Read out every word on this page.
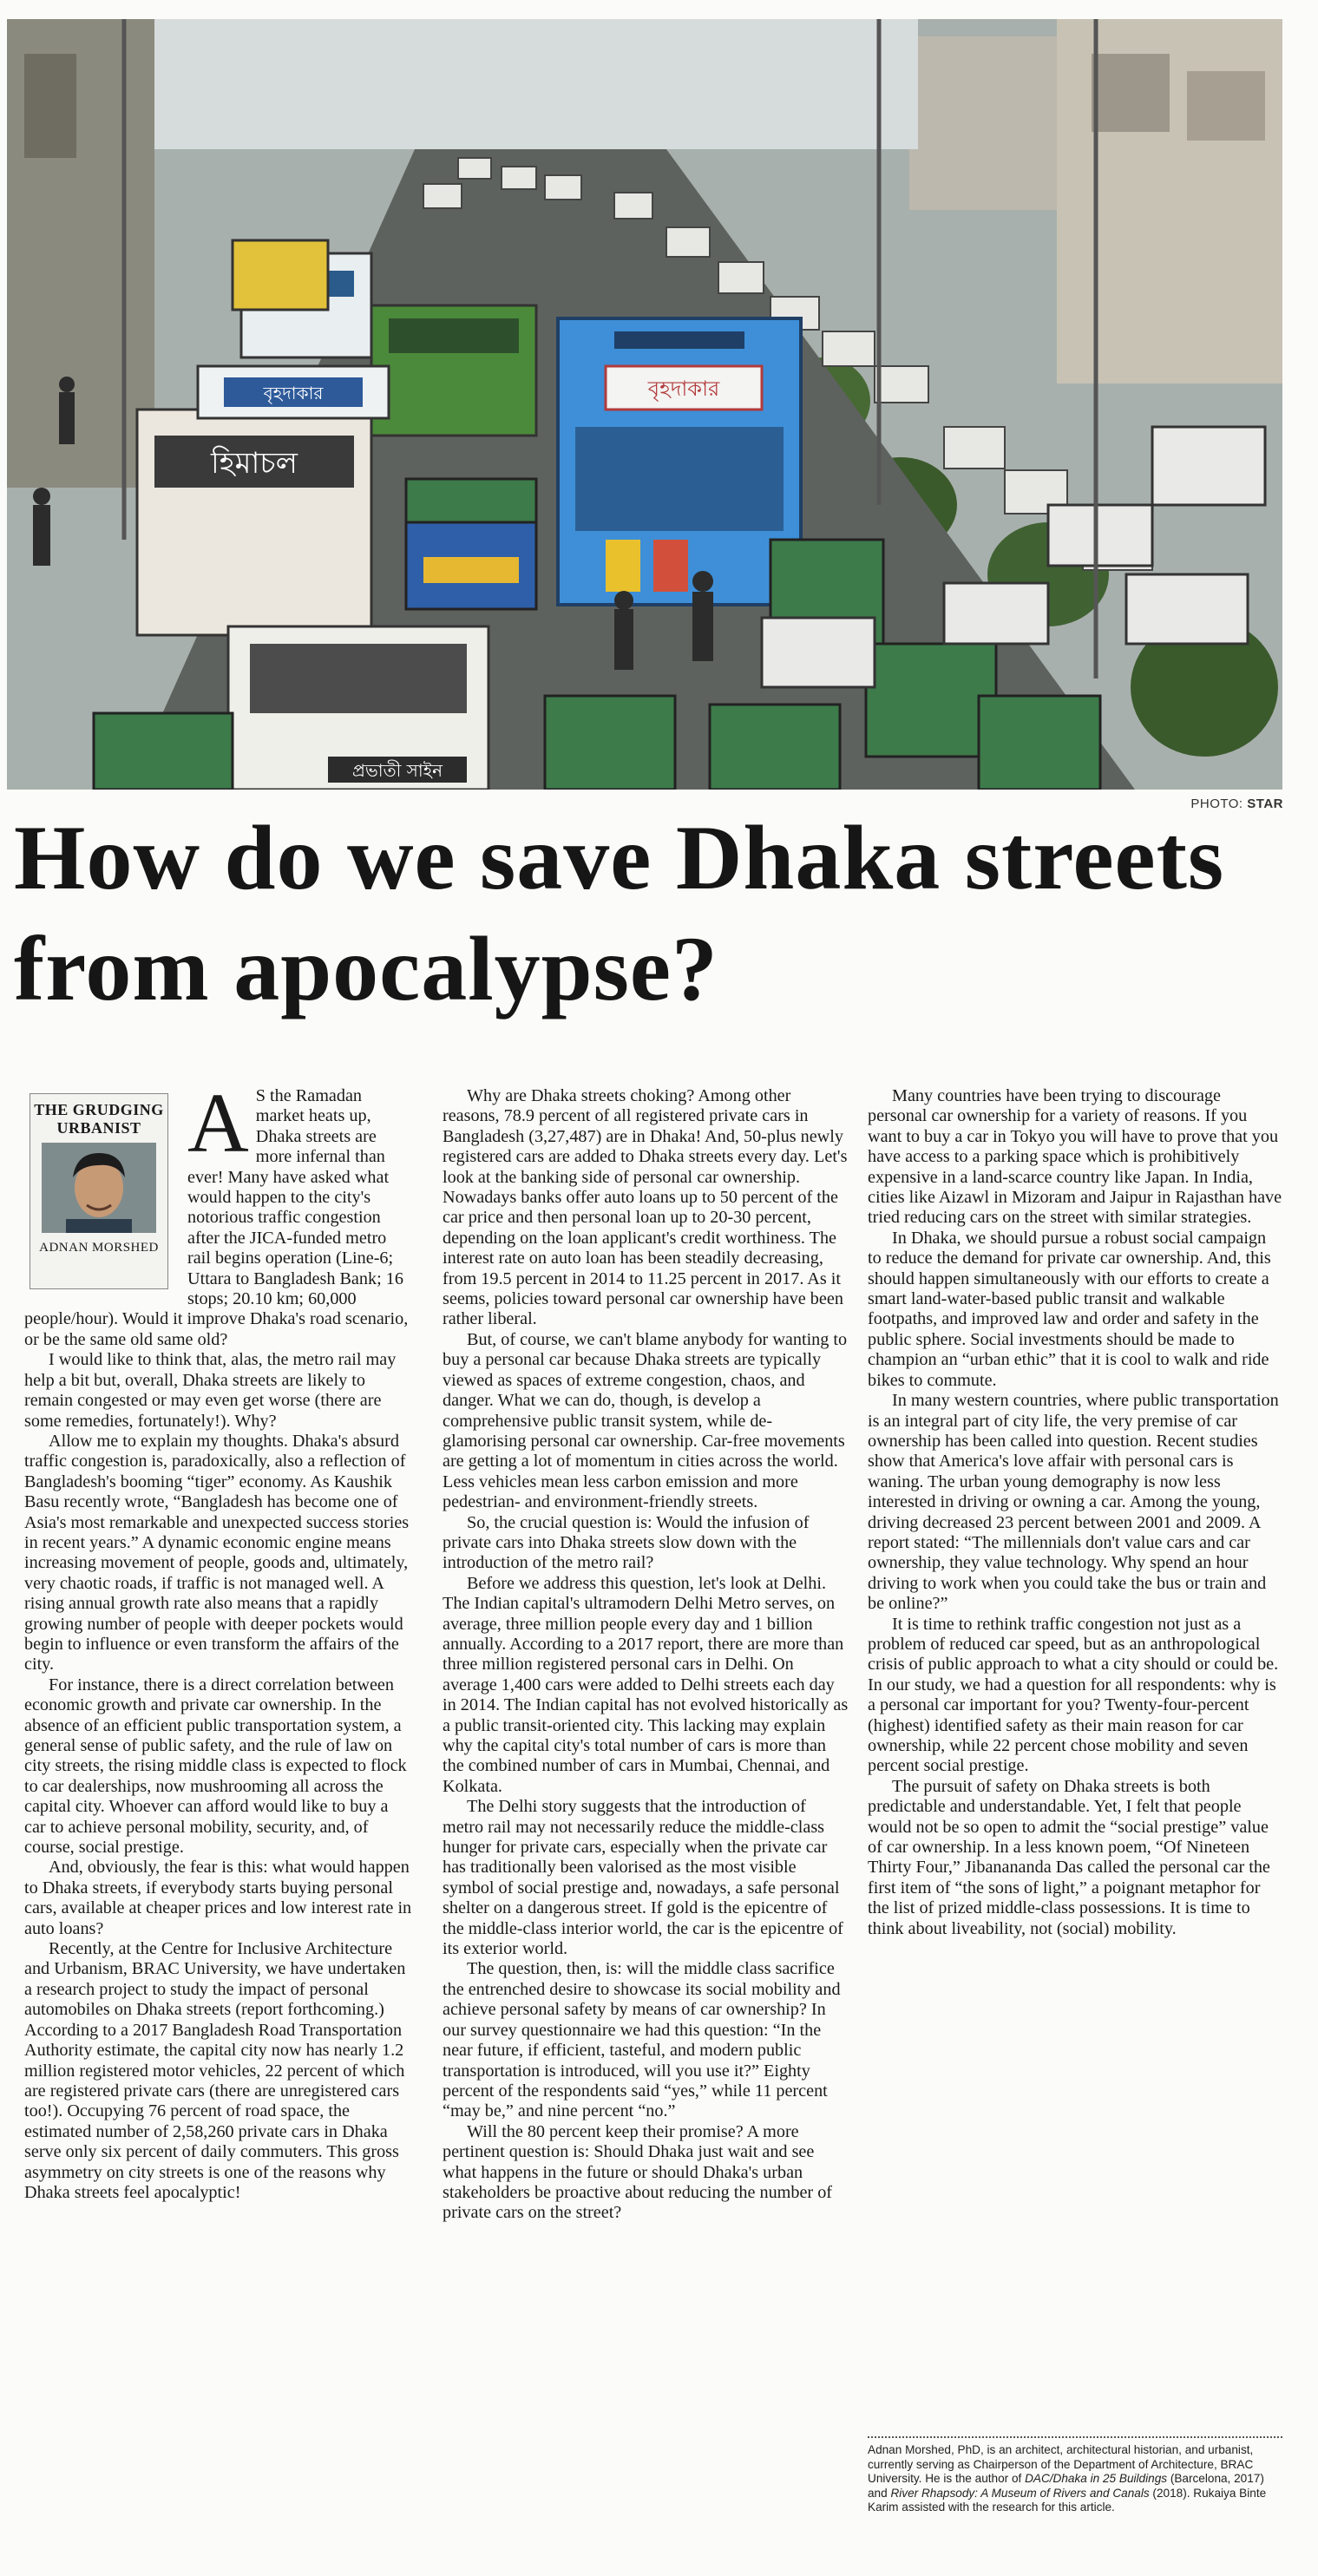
হিমাচল
প্রভাতী সাইন
বৃহদাকার
বৃহদাকার
PHOTO: STAR
How do we save Dhaka streets from apocalypse?
THE GRUDGING URBANIST
ADNAN MORSHED

A S the Ramadan market heats up, Dhaka streets are more infernal than ever! Many have asked what would happen to the city's notorious traffic congestion after the JICA-funded metro rail begins operation (Line-6; Uttara to Bangladesh Bank; 16 stops; 20.10 km; 60,000 people/hour). Would it improve Dhaka's road scenario, or be the same old same old?

I would like to think that, alas, the metro rail may help a bit but, overall, Dhaka streets are likely to remain congested or may even get worse (there are some remedies, fortunately!). Why?

Allow me to explain my thoughts. Dhaka's absurd traffic congestion is, paradoxically, also a reflection of Bangladesh's booming “tiger” economy. As Kaushik Basu recently wrote, “Bangladesh has become one of Asia's most remarkable and unexpected success stories in recent years.” A dynamic economic engine means increasing movement of people, goods and, ultimately, very chaotic roads, if traffic is not managed well. A rising annual growth rate also means that a rapidly growing number of people with deeper pockets would begin to influence or even transform the affairs of the city.

For instance, there is a direct correlation between economic growth and private car ownership. In the absence of an efficient public transportation system, a general sense of public safety, and the rule of law on city streets, the rising middle class is expected to flock to car dealerships, now mushrooming all across the capital city. Whoever can afford would like to buy a car to achieve personal mobility, security, and, of course, social prestige.

And, obviously, the fear is this: what would happen to Dhaka streets, if everybody starts buying personal cars, available at cheaper prices and low interest rate in auto loans?

Recently, at the Centre for Inclusive Architecture and Urbanism, BRAC University, we have undertaken a research project to study the impact of personal automobiles on Dhaka streets (report forthcoming.) According to a 2017 Bangladesh Road Transportation Authority estimate, the capital city now has nearly 1.2 million registered motor vehicles, 22 percent of which are registered private cars (there are unregistered cars too!). Occupying 76 percent of road space, the estimated number of 2,58,260 private cars in Dhaka serve only six percent of daily commuters. This gross asymmetry on city streets is one of the reasons why Dhaka streets feel apocalyptic!

Why are Dhaka streets choking? Among other reasons, 78.9 percent of all registered private cars in Bangladesh (3,27,487) are in Dhaka! And, 50-plus newly registered cars are added to Dhaka streets every day. Let's look at the banking side of personal car ownership. Nowadays banks offer auto loans up to 50 percent of the car price and then personal loan up to 20-30 percent, depending on the loan applicant's credit worthiness. The interest rate on auto loan has been steadily decreasing, from 19.5 percent in 2014 to 11.25 percent in 2017. As it seems, policies toward personal car ownership have been rather liberal.

But, of course, we can't blame anybody for wanting to buy a personal car because Dhaka streets are typically viewed as spaces of extreme congestion, chaos, and danger. What we can do, though, is develop a comprehensive public transit system, while de-glamorising personal car ownership. Car-free movements are getting a lot of momentum in cities across the world. Less vehicles mean less carbon emission and more pedestrian- and environment-friendly streets.

So, the crucial question is: Would the infusion of private cars into Dhaka streets slow down with the introduction of the metro rail?

Before we address this question, let's look at Delhi. The Indian capital's ultramodern Delhi Metro serves, on average, three million people every day and 1 billion annually. According to a 2017 report, there are more than three million registered personal cars in Delhi. On average 1,400 cars were added to Delhi streets each day in 2014. The Indian capital has not evolved historically as a public transit-oriented city. This lacking may explain why the capital city's total number of cars is more than the combined number of cars in Mumbai, Chennai, and Kolkata.

The Delhi story suggests that the introduction of metro rail may not necessarily reduce the middle-class hunger for private cars, especially when the private car has traditionally been valorised as the most visible symbol of social prestige and, nowadays, a safe personal shelter on a dangerous street. If gold is the epicentre of the middle-class interior world, the car is the epicentre of its exterior world.

The question, then, is: will the middle class sacrifice the entrenched desire to showcase its social mobility and achieve personal safety by means of car ownership? In our survey questionnaire we had this question: “In the near future, if efficient, tasteful, and modern public transportation is introduced, will you use it?” Eighty percent of the respondents said “yes,” while 11 percent “may be,” and nine percent “no.”

Will the 80 percent keep their promise? A more pertinent question is: Should Dhaka just wait and see what happens in the future or should Dhaka's urban stakeholders be proactive about reducing the number of private cars on the street?

Many countries have been trying to discourage personal car ownership for a variety of reasons. If you want to buy a car in Tokyo you will have to prove that you have access to a parking space which is prohibitively expensive in a land-scarce country like Japan. In India, cities like Aizawl in Mizoram and Jaipur in Rajasthan have tried reducing cars on the street with similar strategies.

In Dhaka, we should pursue a robust social campaign to reduce the demand for private car ownership. And, this should happen simultaneously with our efforts to create a smart land-water-based public transit and walkable footpaths, and improved law and order and safety in the public sphere. Social investments should be made to champion an “urban ethic” that it is cool to walk and ride bikes to commute.

In many western countries, where public transportation is an integral part of city life, the very premise of car ownership has been called into question. Recent studies show that America's love affair with personal cars is waning. The urban young demography is now less interested in driving or owning a car. Among the young, driving decreased 23 percent between 2001 and 2009. A report stated: “The millennials don't value cars and car ownership, they value technology. Why spend an hour driving to work when you could take the bus or train and be online?”

It is time to rethink traffic congestion not just as a problem of reduced car speed, but as an anthropological crisis of public approach to what a city should or could be. In our study, we had a question for all respondents: why is a personal car important for you? Twenty-four-percent (highest) identified safety as their main reason for car ownership, while 22 percent chose mobility and seven percent social prestige.

The pursuit of safety on Dhaka streets is both predictable and understandable. Yet, I felt that people would not be so open to admit the “social prestige” value of car ownership. In a less known poem, “Of Nineteen Thirty Four,” Jibanananda Das called the personal car the first item of “the sons of light,” a poignant metaphor for the list of prized middle-class possessions. It is time to think about liveability, not (social) mobility.

Adnan Morshed, PhD, is an architect, architectural historian, and urbanist, currently serving as Chairperson of the Department of Architecture, BRAC University. He is the author of DAC/Dhaka in 25 Buildings (Barcelona, 2017) and River Rhapsody: A Museum of Rivers and Canals (2018). Rukaiya Binte Karim assisted with the research for this article.
